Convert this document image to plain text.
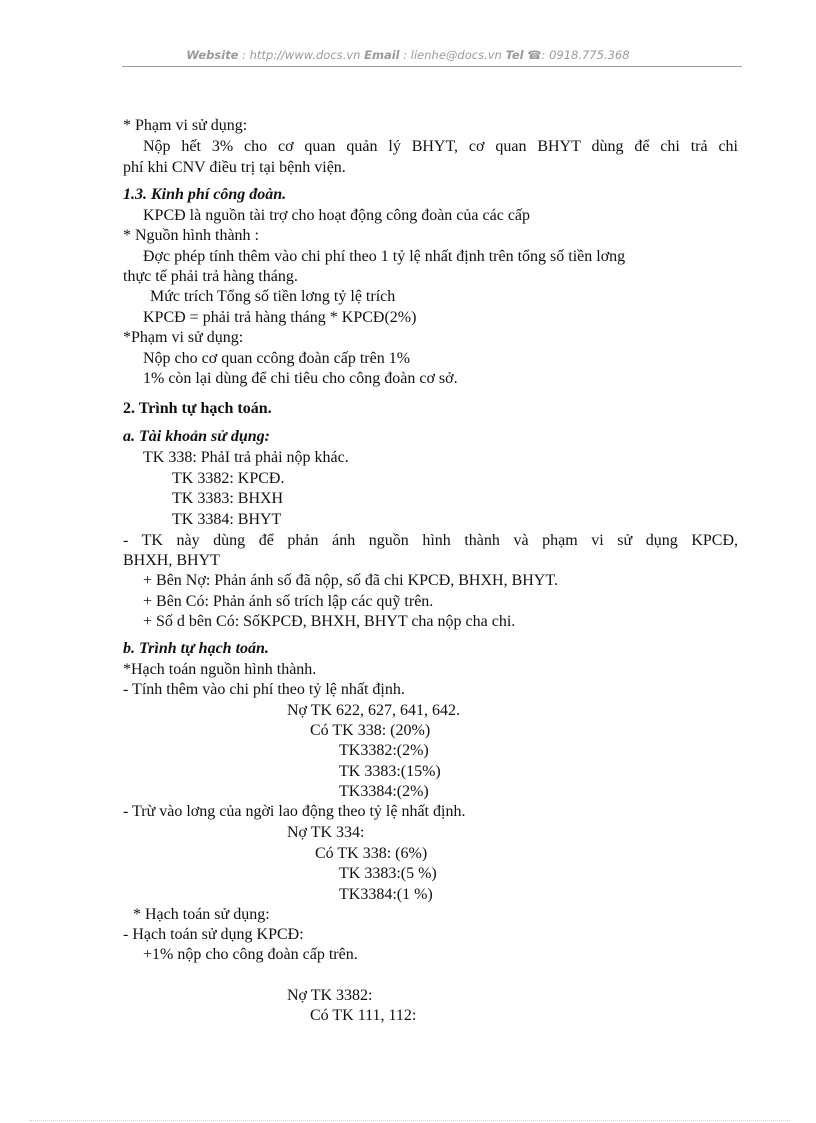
Website : http://www.docs.vn Email : lienhe@docs.vn Tel ☎: 0918.775.368
* Phạm vi sử dụng:
Nộp hết 3% cho cơ quan quản lý BHYT, cơ quan BHYT dùng để chi trả chi
phí khi CNV điều trị tại bệnh viện.
1.3. Kinh phí công đoàn.
KPCĐ là nguồn tài trợ cho hoạt động công đoàn của các cấp
* Nguồn hình thành :
Đợc phép tính thêm vào chi phí theo 1 tỷ lệ nhất định trên tổng số tiền lơng
thực tế phải trả hàng tháng.
Mức trích Tổng số tiền lơng tỷ lệ trích
KPCĐ = phải trả hàng tháng * KPCĐ(2%)
*Phạm vi sử dụng:
Nộp cho cơ quan ccông đoàn cấp trên 1%
1% còn lại dùng để chi tiêu cho công đoàn cơ sở.
2. Trình tự hạch toán.
a. Tài khoản sử dụng:
TK 338: PhảI trả phải nộp khác.
TK 3382: KPCĐ.
TK 3383: BHXH
TK 3384: BHYT
- TK này dùng để phản ánh nguồn hình thành và phạm vi sử dụng KPCĐ,
BHXH, BHYT
+ Bên Nợ: Phản ánh số đã nộp, số đã chi KPCĐ, BHXH, BHYT.
+ Bên Có: Phản ánh số trích lập các quỹ trên.
+ Số d bên Có: SốKPCĐ, BHXH, BHYT cha nộp cha chi.
b. Trình tự hạch toán.
*Hạch toán nguồn hình thành.
- Tính thêm vào chi phí theo tỷ lệ nhất định.
Nợ TK 622, 627, 641, 642.
Có TK 338: (20%)
TK3382:(2%)
TK 3383:(15%)
TK3384:(2%)
- Trừ vào lơng của ngời lao động theo tỷ lệ nhất định.
Nợ TK 334:
Có TK 338: (6%)
TK 3383:(5 %)
TK3384:(1 %)
* Hạch toán sử dụng:
- Hạch toán sử dụng KPCĐ:
+1% nộp cho công đoàn cấp trên.
Nợ TK 3382:
Có TK 111, 112:
